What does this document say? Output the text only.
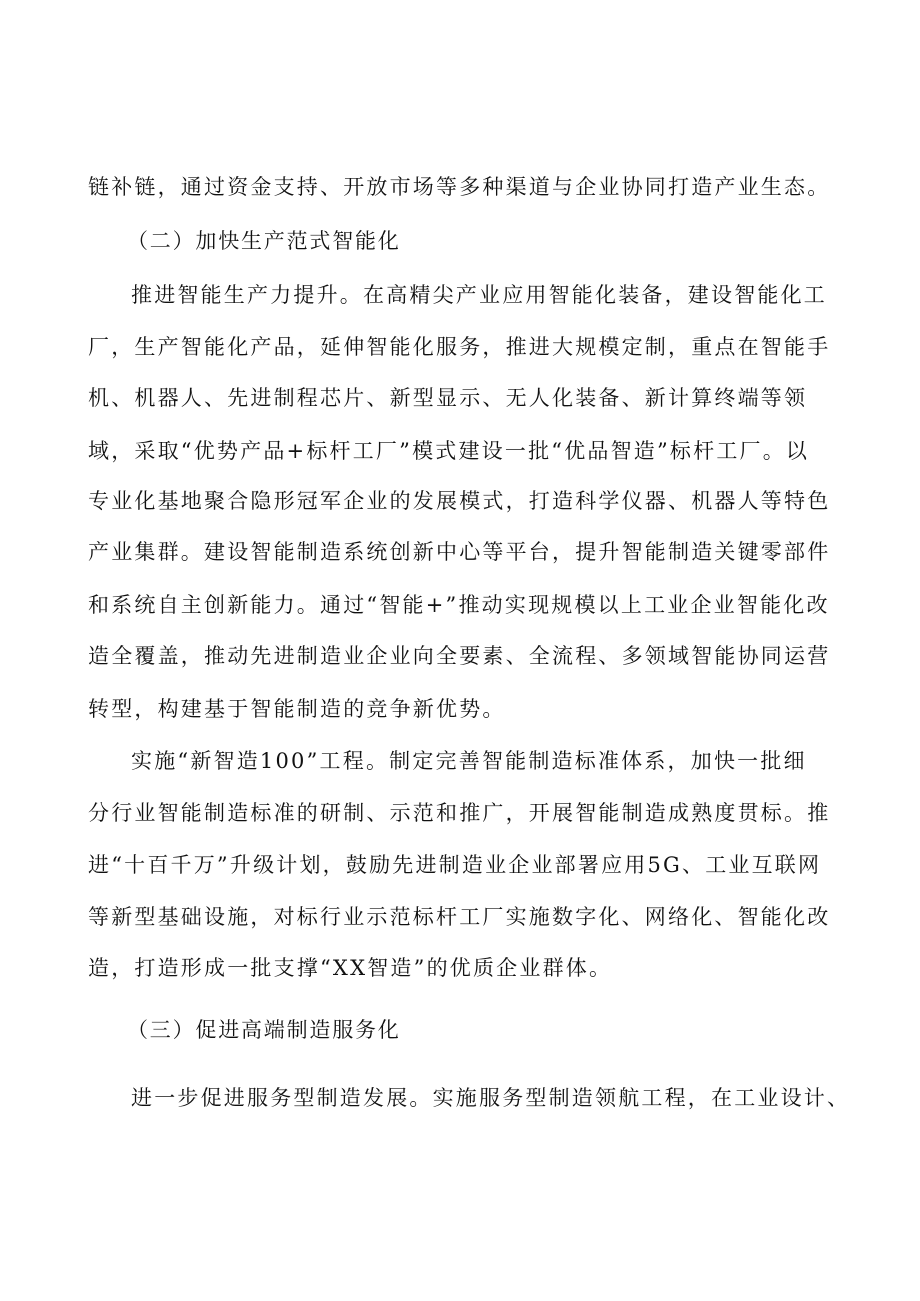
链补链，通过资金支持、开放市场等多种渠道与企业协同打造产业生态。
（二）加快生产范式智能化
推进智能生产力提升。在高精尖产业应用智能化装备，建设智能化工
厂，生产智能化产品，延伸智能化服务，推进大规模定制，重点在智能手
机、机器人、先进制程芯片、新型显示、无人化装备、新计算终端等领
域，采取“优势产品+标杆工厂”模式建设一批“优品智造”标杆工厂。以
专业化基地聚合隐形冠军企业的发展模式，打造科学仪器、机器人等特色
产业集群。建设智能制造系统创新中心等平台，提升智能制造关键零部件
和系统自主创新能力。通过“智能+”推动实现规模以上工业企业智能化改
造全覆盖，推动先进制造业企业向全要素、全流程、多领域智能协同运营
转型，构建基于智能制造的竞争新优势。
实施“新智造100”工程。制定完善智能制造标准体系，加快一批细
分行业智能制造标准的研制、示范和推广，开展智能制造成熟度贯标。推
进“十百千万”升级计划，鼓励先进制造业企业部署应用5G、工业互联网
等新型基础设施，对标行业示范标杆工厂实施数字化、网络化、智能化改
造，打造形成一批支撑“XX智造”的优质企业群体。
（三）促进高端制造服务化
进一步促进服务型制造发展。实施服务型制造领航工程，在工业设计、
